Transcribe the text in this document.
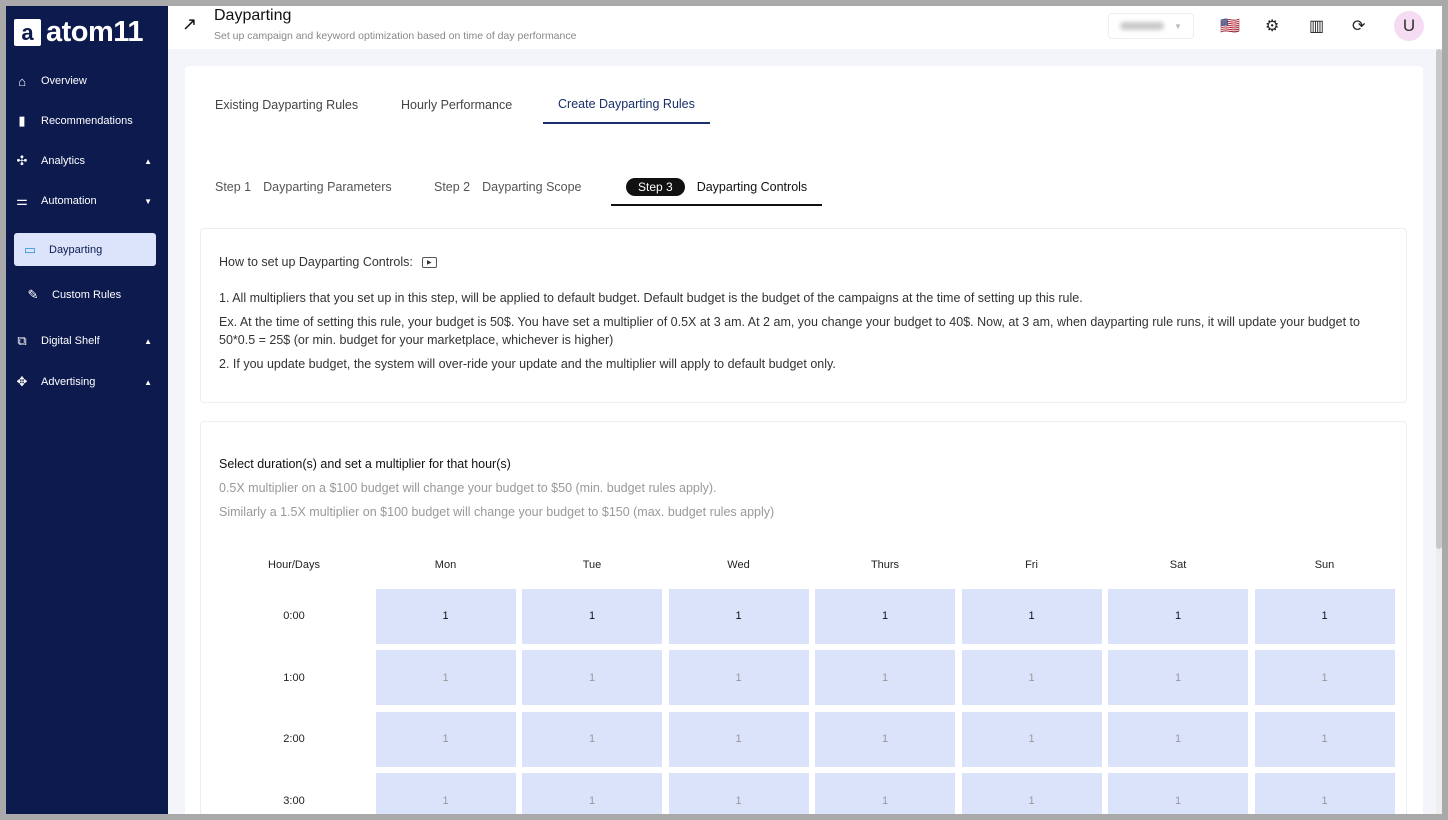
a atom11
⌂	Overview
▮	Recommendations
✣ Analytics	▲
⚌ Automation	▼
▭ Dayparting
✎ Custom Rules
⧉	Digital Shelf	▲
✥ Advertising	▲
↗ Dayparting
Set up campaign and keyword optimization based on time of day performance
▼ 🇺🇸 ⚙ ▥ ⟳	U
Existing Dayparting Rules	Hourly Performance	Create Dayparting Rules
Step 1 Dayparting Parameters	Step 2 Dayparting Scope	Step 3	Dayparting Controls
How to set up Dayparting Controls:	▶
1. All multipliers that you set up in this step, will be applied to default budget. Default budget is the budget of the campaigns at the time of setting up this rule.
Ex. At the time of setting this rule, your budget is 50$. You have set a multiplier of 0.5X at 3 am. At 2 am, you change your budget to 40$. Now, at 3 am, when dayparting rule runs, it will update your budget to 50*0.5 = 25$ (or min. budget for your marketplace, whichever is higher)
2. If you update budget, the system will over-ride your update and the multiplier will apply to default budget only.
Select duration(s) and set a multiplier for that hour(s)
0.5X multiplier on a $100 budget will change your budget to $50 (min. budget rules apply).
Similarly a 1.5X multiplier on $100 budget will change your budget to $150 (max. budget rules apply)
Hour/Days	Mon	Tue	Wed	Thurs	Fri	Sat	Sun
0:00	1	1	1	1	1	1	1
1:00	1	1	1	1	1	1	1
2:00	1	1	1	1	1	1	1
3:00	1	1	1	1	1	1	1
